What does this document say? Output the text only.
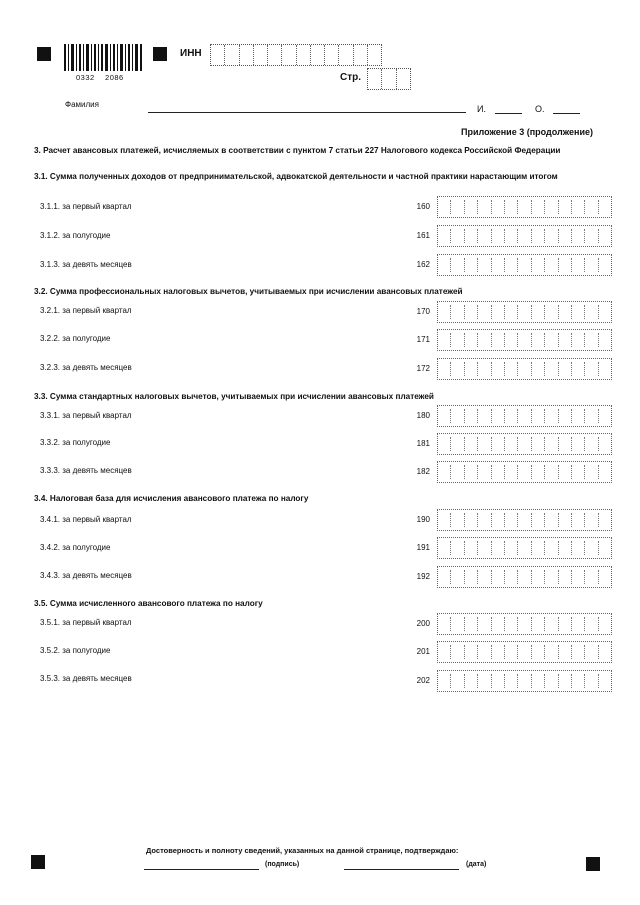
0332    2086
ИНН
Стр.
Фамилия	И.	О.
Приложение 3 (продолжение)
3. Расчет авансовых платежей, исчисляемых в соответствии с пунктом 7 статьи 227 Налогового кодекса Российской Федерации
3.1. Сумма полученных доходов от предпринимательской, адвокатской деятельности и частной практики нарастающим итогом
3.1.1. за первый квартал	160
3.1.2. за полугодие	161
3.1.3. за девять месяцев	162
3.2. Сумма профессиональных налоговых вычетов, учитываемых при исчислении авансовых платежей
3.2.1. за первый квартал	170
3.2.2. за полугодие	171
3.2.3. за девять месяцев	172
3.3. Сумма стандартных налоговых вычетов, учитываемых при исчислении авансовых платежей
3.3.1. за первый квартал	180
3.3.2. за полугодие	181
3.3.3. за девять месяцев	182
3.4. Налоговая база для исчисления авансового платежа по налогу
3.4.1. за первый квартал	190
3.4.2. за полугодие	191
3.4.3. за девять месяцев	192
3.5. Сумма исчисленного авансового платежа по налогу
3.5.1. за первый квартал	200
3.5.2. за полугодие	201
3.5.3. за девять месяцев	202
Достоверность и полноту сведений, указанных на данной странице, подтверждаю:
(подпись)	(дата)
